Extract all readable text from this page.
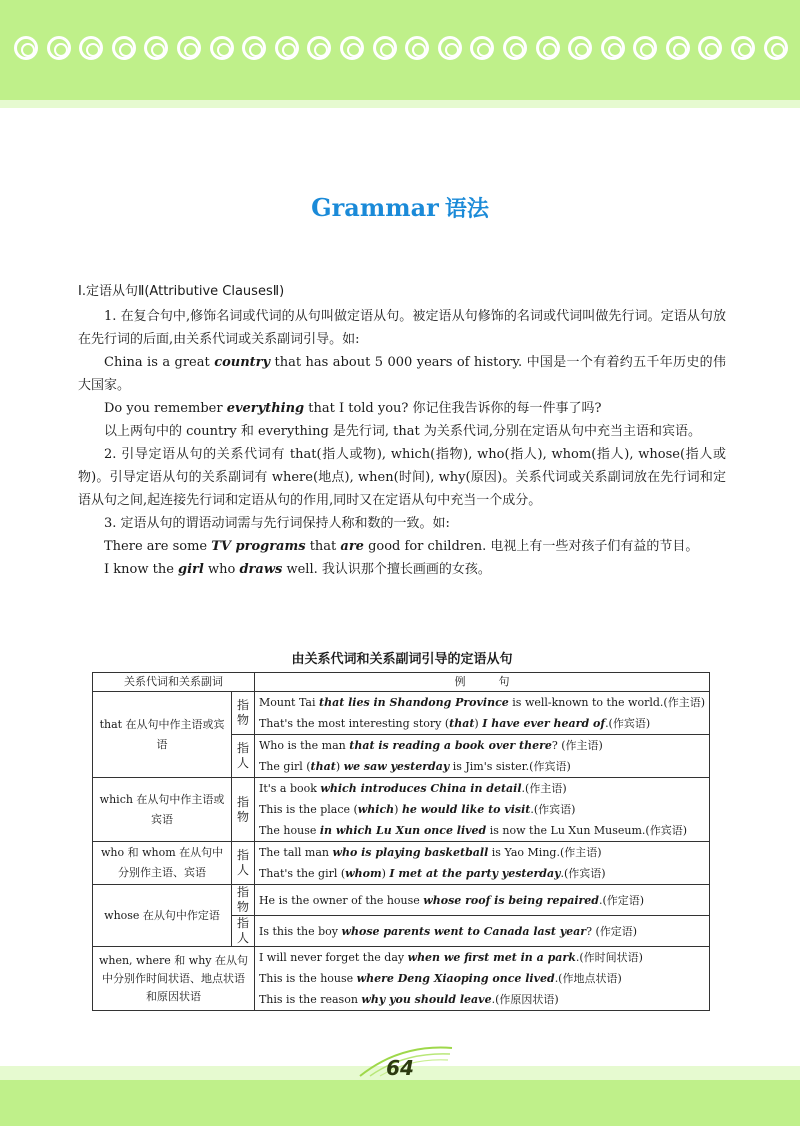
Grammar 语法

Ⅰ.定语从句Ⅱ(Attributive ClausesⅡ)

1. 在复合句中,修饰名词或代词的从句叫做定语从句。被定语从句修饰的名词或代词叫做先行词。定语从句放在先行词的后面,由关系代词或关系副词引导。如:

China is a great country that has about 5 000 years of history. 中国是一个有着约五千年历史的伟大国家。

Do you remember everything that I told you? 你记住我告诉你的每一件事了吗?

以上两句中的 country 和 everything 是先行词, that 为关系代词,分别在定语从句中充当主语和宾语。

2. 引导定语从句的关系代词有 that(指人或物), which(指物), who(指人), whom(指人), whose(指人或物)。引导定语从句的关系副词有 where(地点), when(时间), why(原因)。关系代词或关系副词放在先行词和定语从句之间,起连接先行词和定语从句的作用,同时又在定语从句中充当一个成分。

3. 定语从句的谓语动词需与先行词保持人称和数的一致。如:

There are some TV programs that are good for children. 电视上有一些对孩子们有益的节目。

I know the girl who draws well. 我认识那个擅长画画的女孩。

由关系代词和关系副词引导的定语从句
关系代词和关系副词		例　　　句
that 在从句中作主语或宾语	指物	Mount Tai that lies in Shandong Province is well-known to the world.(作主语)
That's the most interesting story (that) I have ever heard of.(作宾语)

	指人	Who is the man that is reading a book over there? (作主语)
The girl (that) we saw yesterday is Jim's sister.(作宾语)

which 在从句中作主语或宾语	指物	It's a book which introduces China in detail.(作主语)
This is the place (which) he would like to visit.(作宾语)
The house in which Lu Xun once lived is now the Lu Xun Museum.(作宾语)

who 和 whom 在从句中分别作主语、宾语	指人	The tall man who is playing basketball is Yao Ming.(作主语)
That's the girl (whom) I met at the party yesterday.(作宾语)

whose 在从句中作定语	指物	He is the owner of the house whose roof is being repaired.(作定语)

	指人	Is this the boy whose parents went to Canada last year? (作定语)

when, where 和 why 在从句中分别作时间状语、地点状语和原因状语		I will never forget the day when we first met in a park.(作时间状语)
This is the house where Deng Xiaoping once lived.(作地点状语)
This is the reason why you should leave.(作原因状语)
64
